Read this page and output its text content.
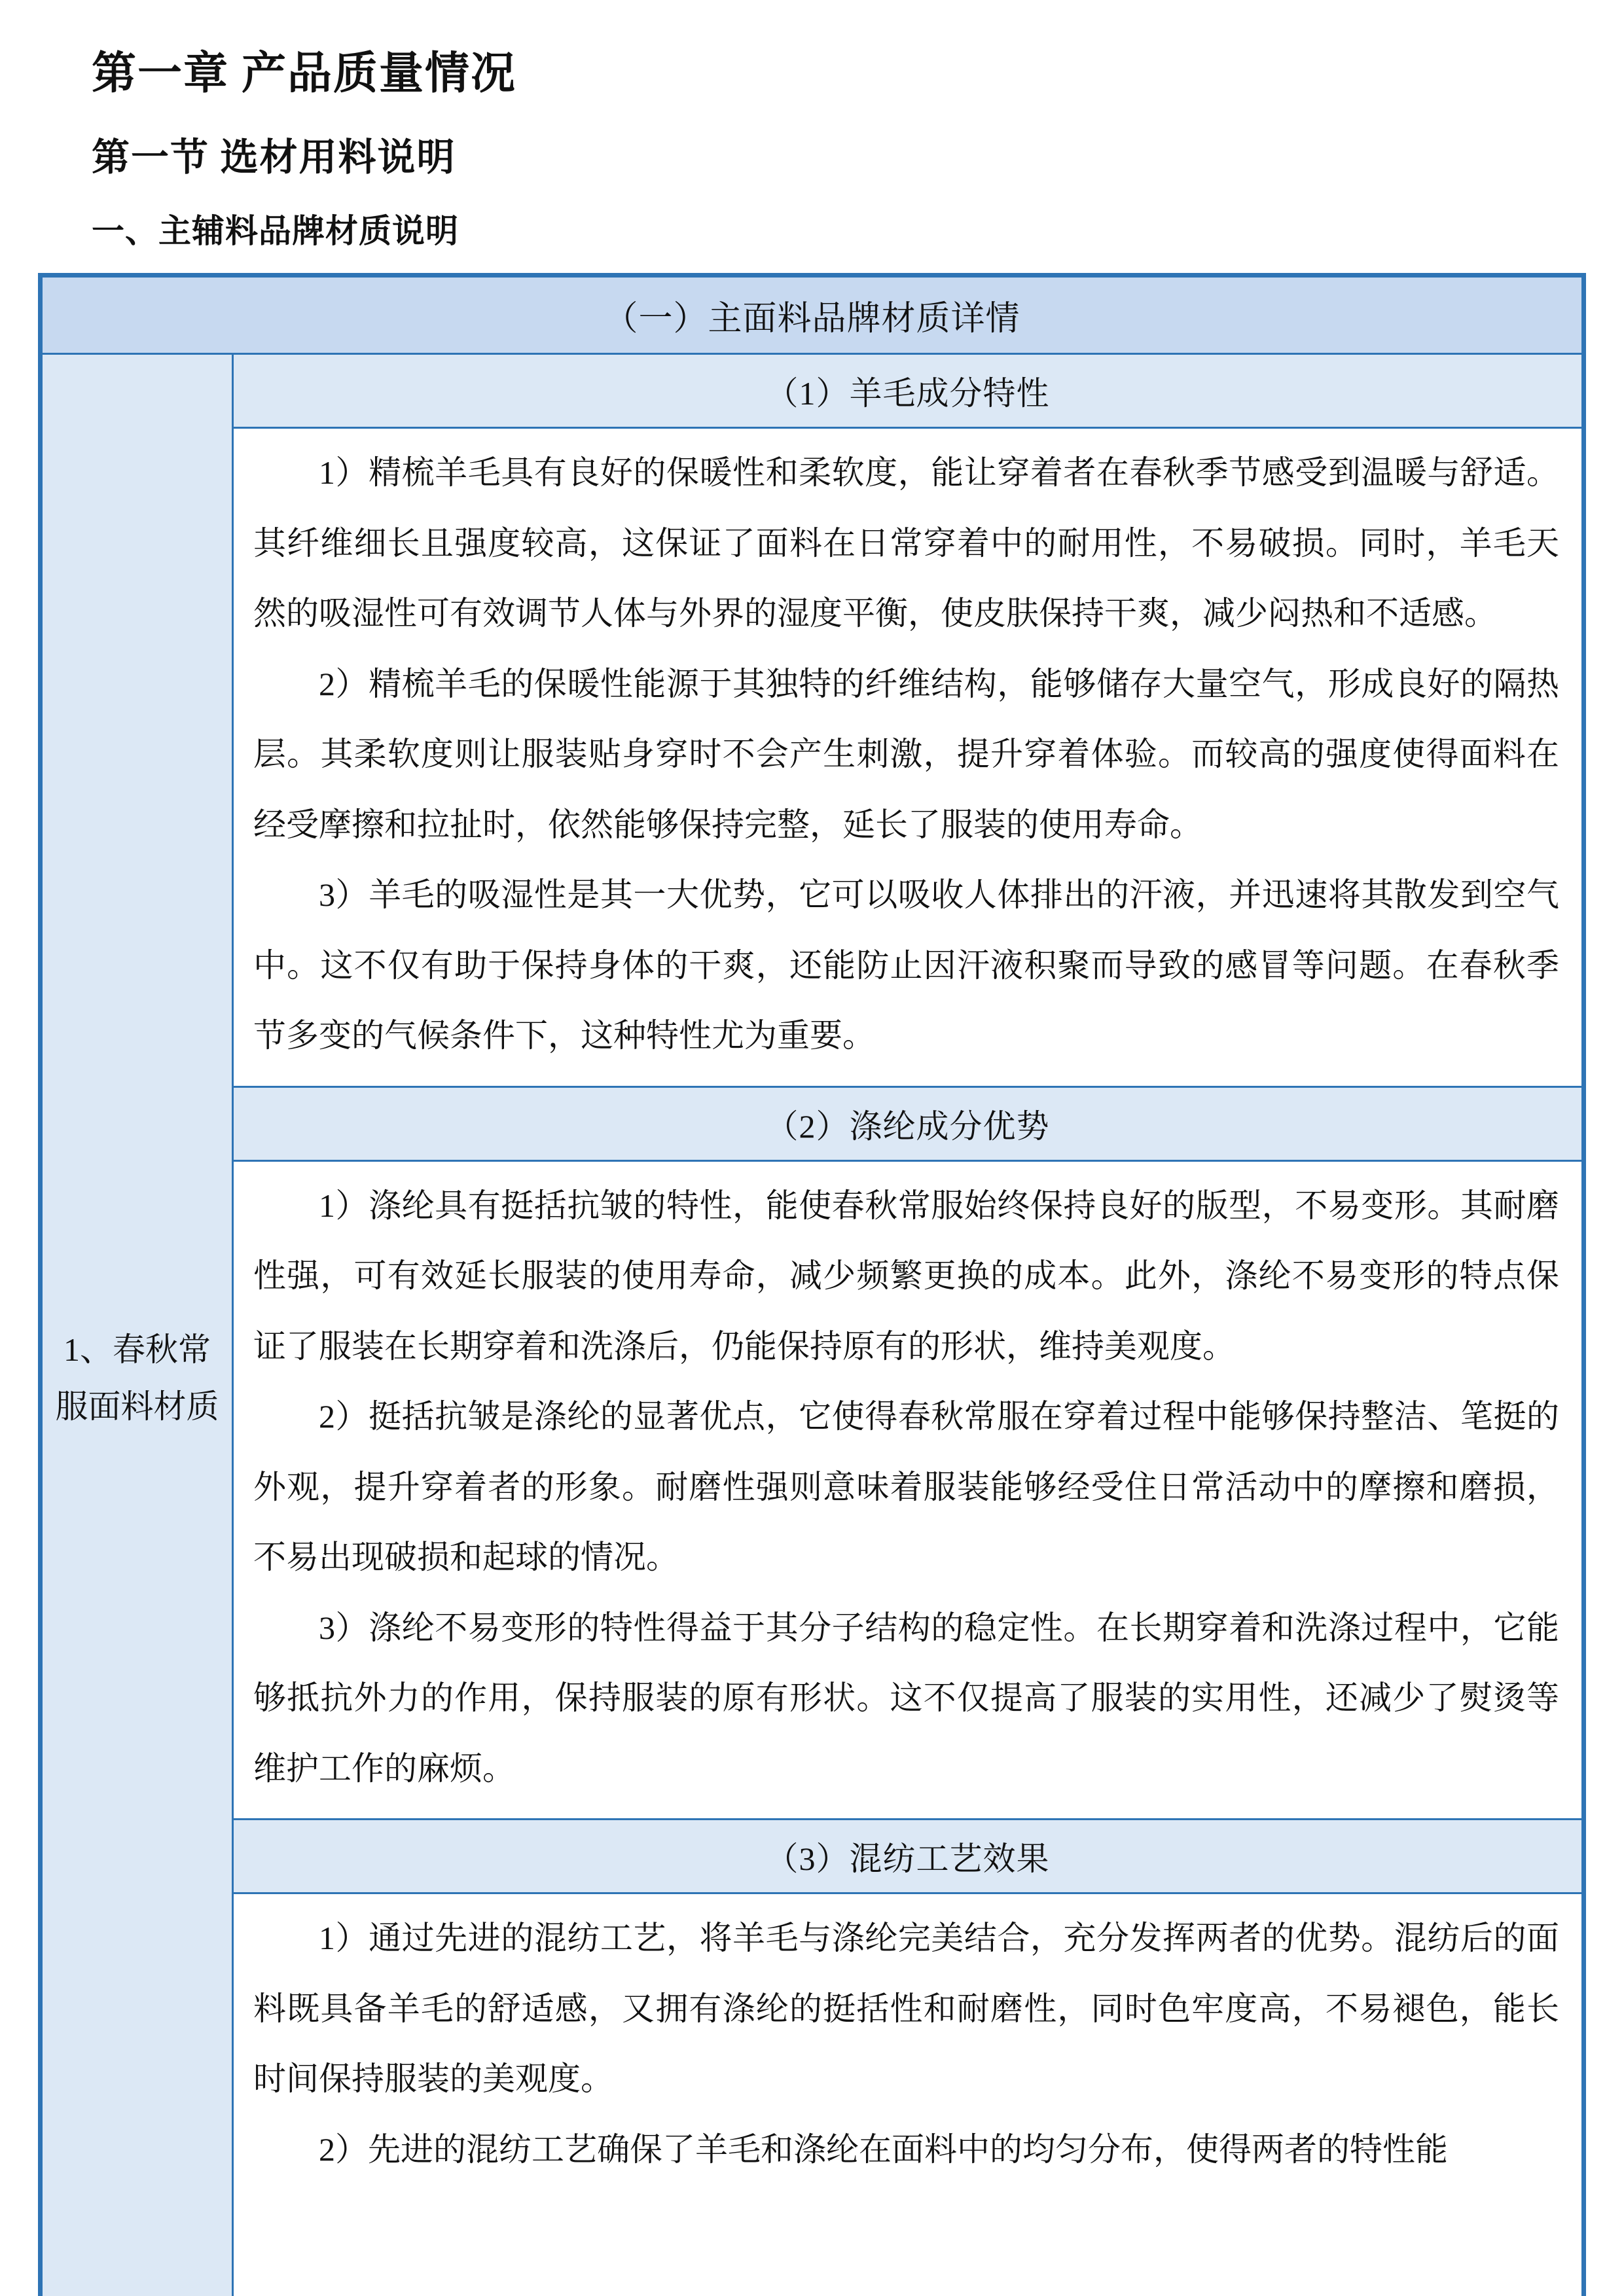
第一章 产品质量情况
第一节 选材用料说明
一、主辅料品牌材质说明
（一）主面料品牌材质详情
1、春秋常服面料材质
（1）羊毛成分特性

1）精梳羊毛具有良好的保暖性和柔软度，能让穿着者在春秋季节感受到温暖与舒适。其纤维细长且强度较高，这保证了面料在日常穿着中的耐用性，不易破损。同时，羊毛天然的吸湿性可有效调节人体与外界的湿度平衡，使皮肤保持干爽，减少闷热和不适感。

2）精梳羊毛的保暖性能源于其独特的纤维结构，能够储存大量空气，形成良好的隔热层。其柔软度则让服装贴身穿时不会产生刺激，提升穿着体验。而较高的强度使得面料在经受摩擦和拉扯时，依然能够保持完整，延长了服装的使用寿命。

3）羊毛的吸湿性是其一大优势，它可以吸收人体排出的汗液，并迅速将其散发到空气中。这不仅有助于保持身体的干爽，还能防止因汗液积聚而导致的感冒等问题。在春秋季节多变的气候条件下，这种特性尤为重要。

（2）涤纶成分优势

1）涤纶具有挺括抗皱的特性，能使春秋常服始终保持良好的版型，不易变形。其耐磨性强，可有效延长服装的使用寿命，减少频繁更换的成本。此外，涤纶不易变形的特点保证了服装在长期穿着和洗涤后，仍能保持原有的形状，维持美观度。

2）挺括抗皱是涤纶的显著优点，它使得春秋常服在穿着过程中能够保持整洁、笔挺的外观，提升穿着者的形象。耐磨性强则意味着服装能够经受住日常活动中的摩擦和磨损，不易出现破损和起球的情况。

3）涤纶不易变形的特性得益于其分子结构的稳定性。在长期穿着和洗涤过程中，它能够抵抗外力的作用，保持服装的原有形状。这不仅提高了服装的实用性，还减少了熨烫等维护工作的麻烦。

（3）混纺工艺效果

1）通过先进的混纺工艺，将羊毛与涤纶完美结合，充分发挥两者的优势。混纺后的面料既具备羊毛的舒适感，又拥有涤纶的挺括性和耐磨性，同时色牢度高，不易褪色，能长时间保持服装的美观度。

2）先进的混纺工艺确保了羊毛和涤纶在面料中的均匀分布，使得两者的特性能
